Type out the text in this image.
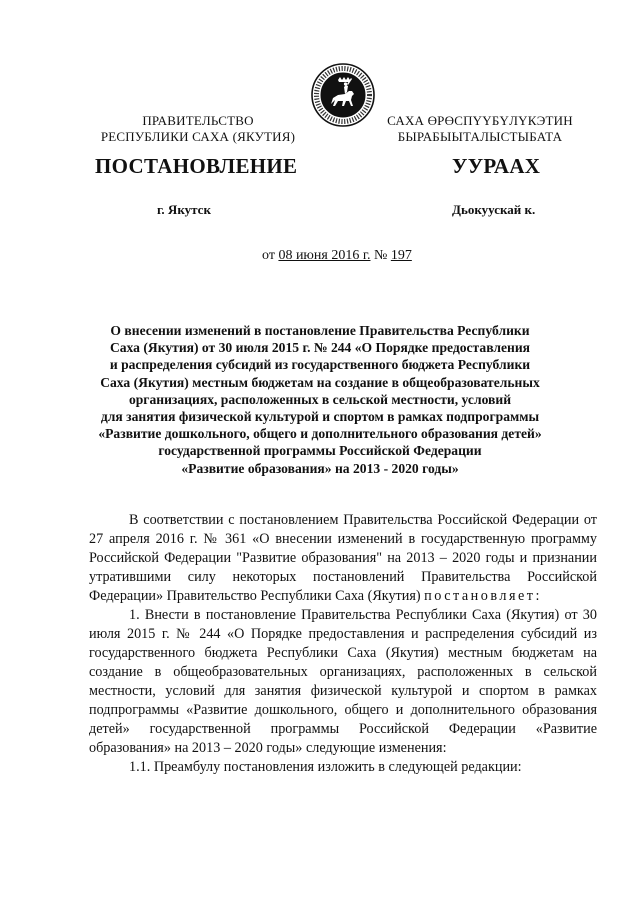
ПРАВИТЕЛЬСТВО
РЕСПУБЛИКИ САХА (ЯКУТИЯ)
САХА ӨРӨСПҮҮБҮЛҮКЭТИН
БЫРАБЫЫТАЛЫСТЫБАТА
ПОСТАНОВЛЕНИЕ	УУРААХ
г. Якутск	Дьокуускай к.
от 08 июня 2016 г. № 197
О внесении изменений в постановление Правительства Республики
Саха (Якутия) от 30 июля 2015 г. № 244 «О Порядке предоставления
и распределения субсидий из государственного бюджета Республики
Саха (Якутия) местным бюджетам на создание в общеобразовательных
организациях, расположенных в сельской местности, условий
для занятия физической культурой и спортом в рамках подпрограммы
«Развитие дошкольного, общего и дополнительного образования детей»
государственной программы Российской Федерации
«Развитие образования» на 2013 - 2020 годы»

В соответствии с постановлением Правительства Российской Федерации от 27 апреля 2016 г. № 361 «О внесении изменений в государственную программу Российской Федерации "Развитие образования" на 2013 – 2020 годы и признании утратившими силу некоторых постановлений Правительства Российской Федерации» Правительство Республики Саха (Якутия) постановляет:

1. Внести в постановление Правительства Республики Саха (Якутия) от 30 июля 2015 г. № 244 «О Порядке предоставления и распределения субсидий из государственного бюджета Республики Саха (Якутия) местным бюджетам на создание в общеобразовательных организациях, расположенных в сельской местности, условий для занятия физической культурой и спортом в рамках подпрограммы «Развитие дошкольного, общего и дополнительного образования детей» государственной программы Российской Федерации «Развитие образования» на 2013 – 2020 годы» следующие изменения:

1.1. Преамбулу постановления изложить в следующей редакции:
